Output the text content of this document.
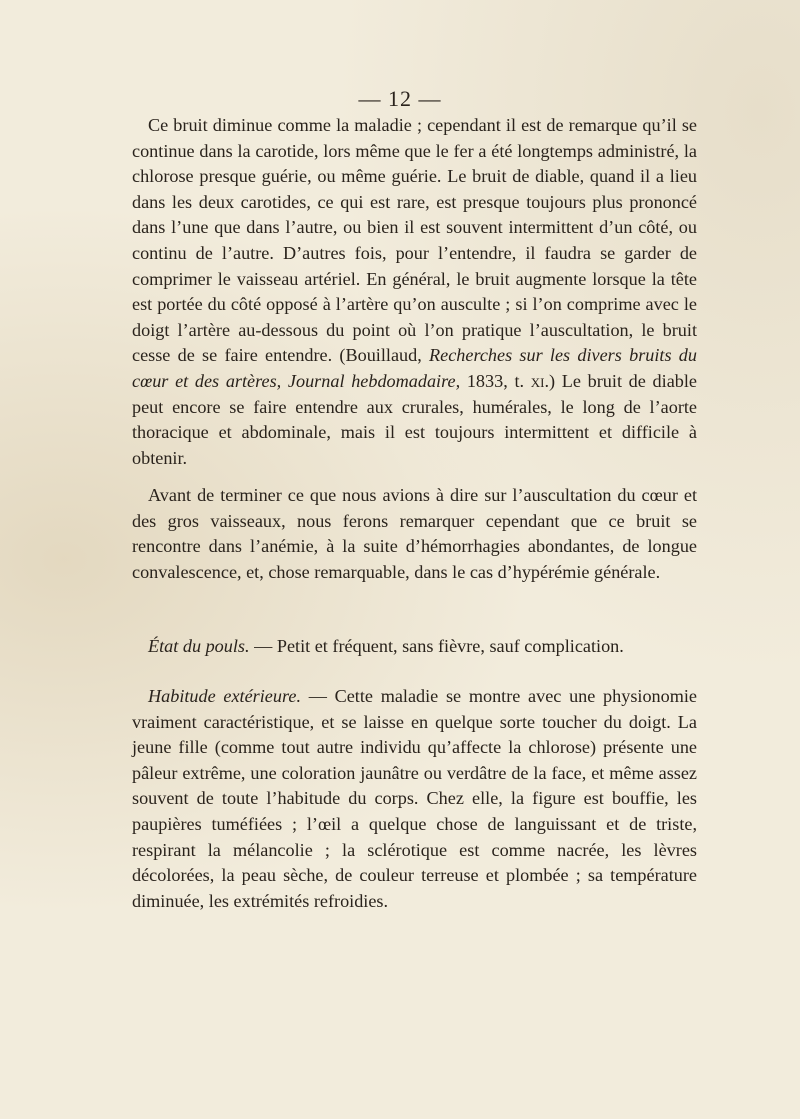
— 12 —

Ce bruit diminue comme la maladie ; cependant il est de remarque qu’il se continue dans la carotide, lors même que le fer a été longtemps administré, la chlorose presque guérie, ou même guérie. Le bruit de diable, quand il a lieu dans les deux carotides, ce qui est rare, est presque toujours plus prononcé dans l’une que dans l’autre, ou bien il est souvent intermittent d’un côté, ou continu de l’autre. D’autres fois, pour l’entendre, il faudra se garder de comprimer le vaisseau artériel. En général, le bruit augmente lorsque la tête est portée du côté opposé à l’artère qu’on ausculte ; si l’on comprime avec le doigt l’artère au-dessous du point où l’on pratique l’auscultation, le bruit cesse de se faire entendre. (Bouillaud, Recherches sur les divers bruits du cœur et des artères, Journal hebdomadaire, 1833, t. xi.) Le bruit de diable peut encore se faire entendre aux crurales, humérales, le long de l’aorte thoracique et abdominale, mais il est toujours intermittent et difficile à obtenir.

Avant de terminer ce que nous avions à dire sur l’auscultation du cœur et des gros vaisseaux, nous ferons remarquer cependant que ce bruit se rencontre dans l’anémie, à la suite d’hémorrhagies abondantes, de longue convalescence, et, chose remarquable, dans le cas d’hypérémie générale.

État du pouls. — Petit et fréquent, sans fièvre, sauf complication.

Habitude extérieure. — Cette maladie se montre avec une physionomie vraiment caractéristique, et se laisse en quelque sorte toucher du doigt. La jeune fille (comme tout autre individu qu’affecte la chlorose) présente une pâleur extrême, une coloration jaunâtre ou verdâtre de la face, et même assez souvent de toute l’habitude du corps. Chez elle, la figure est bouffie, les paupières tuméfiées ; l’œil a quelque chose de languissant et de triste, respirant la mélancolie ; la sclérotique est comme nacrée, les lèvres décolorées, la peau sèche, de couleur terreuse et plombée ; sa température diminuée, les extrémités refroidies.
